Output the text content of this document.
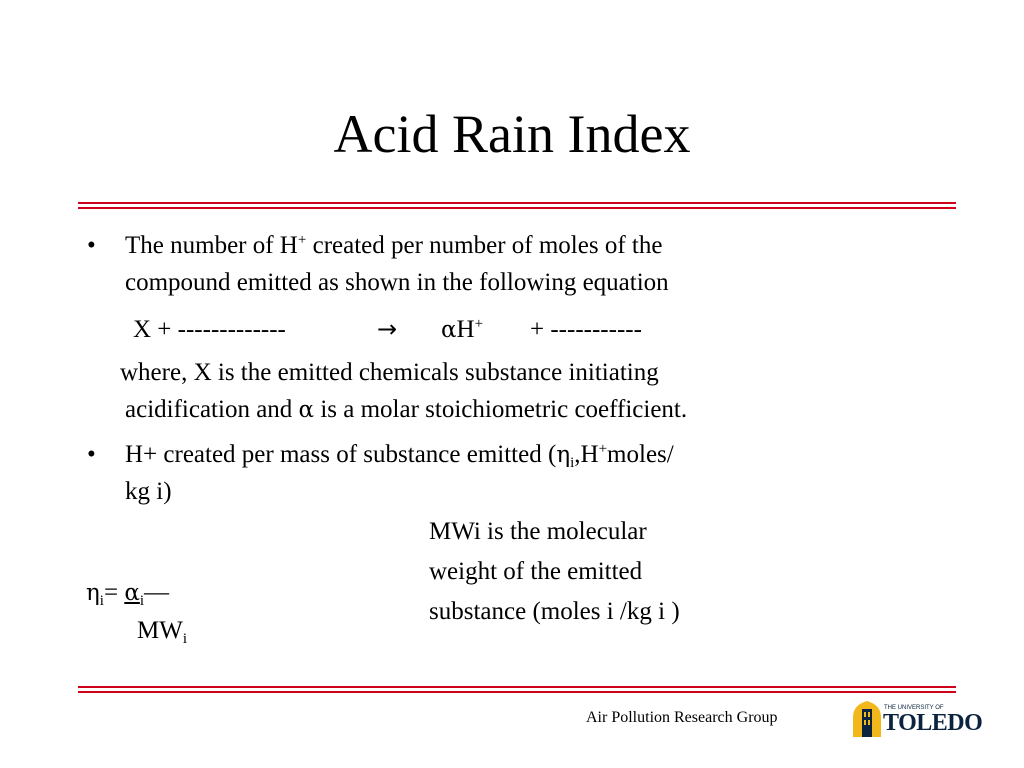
Acid Rain Index
• The number of H+ created per number of moles of the
compound emitted as shown in the following equation
X + -------------	→ αH+ + -----------
where, X is the emitted chemicals substance initiating
acidification and α is a molar stoichiometric coefficient.
• H+ created per mass of substance emitted ($\eta_i,H^+moles/$
kg i)
$\eta_i=$ $\alpha_i—$
$MW_i$
MWi is the molecular
weight of the emitted
substance (moles i /kg i )
Air Pollution Research Group
THE UNIVERSITY OF
TOLEDO
